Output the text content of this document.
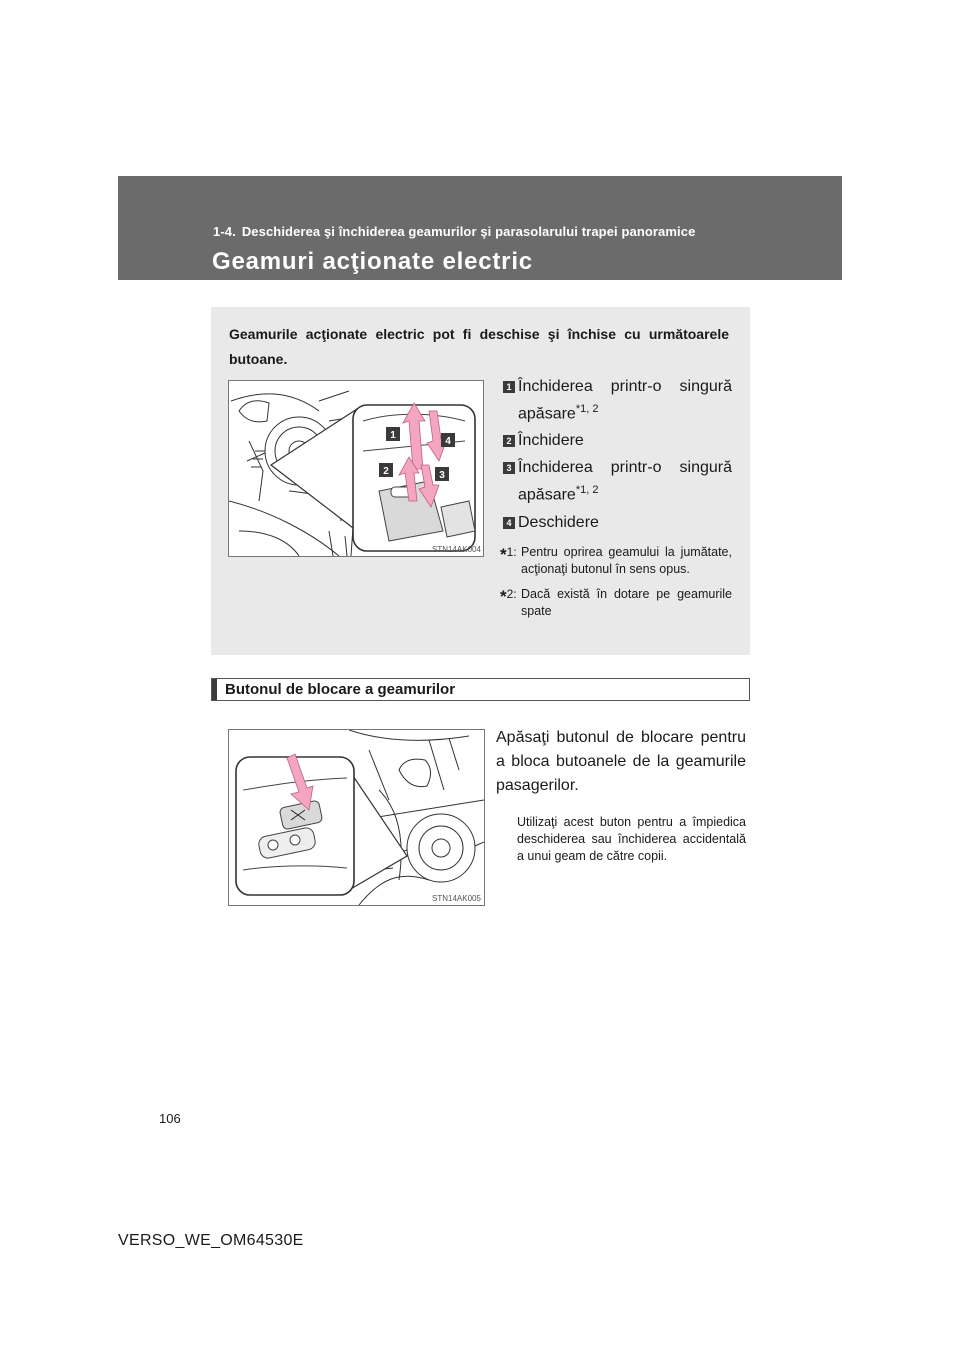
1-4. Deschiderea şi închiderea geamurilor şi parasolarului trapei panoramice
Geamuri acţionate electric
Geamurile acţionate electric pot fi deschise şi închise cu următoarele butoane.
1
4
2	3
STN14AK004
1 Închiderea printr-o singură apăsare$^{*1, 2}$
2 Închidere
3 Închiderea printr-o singură apăsare$^{*1, 2}$
4 Deschidere
*1: Pentru oprirea geamului la jumătate, acţionaţi butonul în sens opus.
*2: Dacă există în dotare pe geamurile spate
Butonul de blocare a geamurilor
STN14AK005
Apăsaţi butonul de blocare pentru a bloca butoanele de la geamurile pasagerilor.
Utilizaţi acest buton pentru a împiedica deschiderea sau închiderea accidentală a unui geam de către copii.
106
VERSO_WE_OM64530E
